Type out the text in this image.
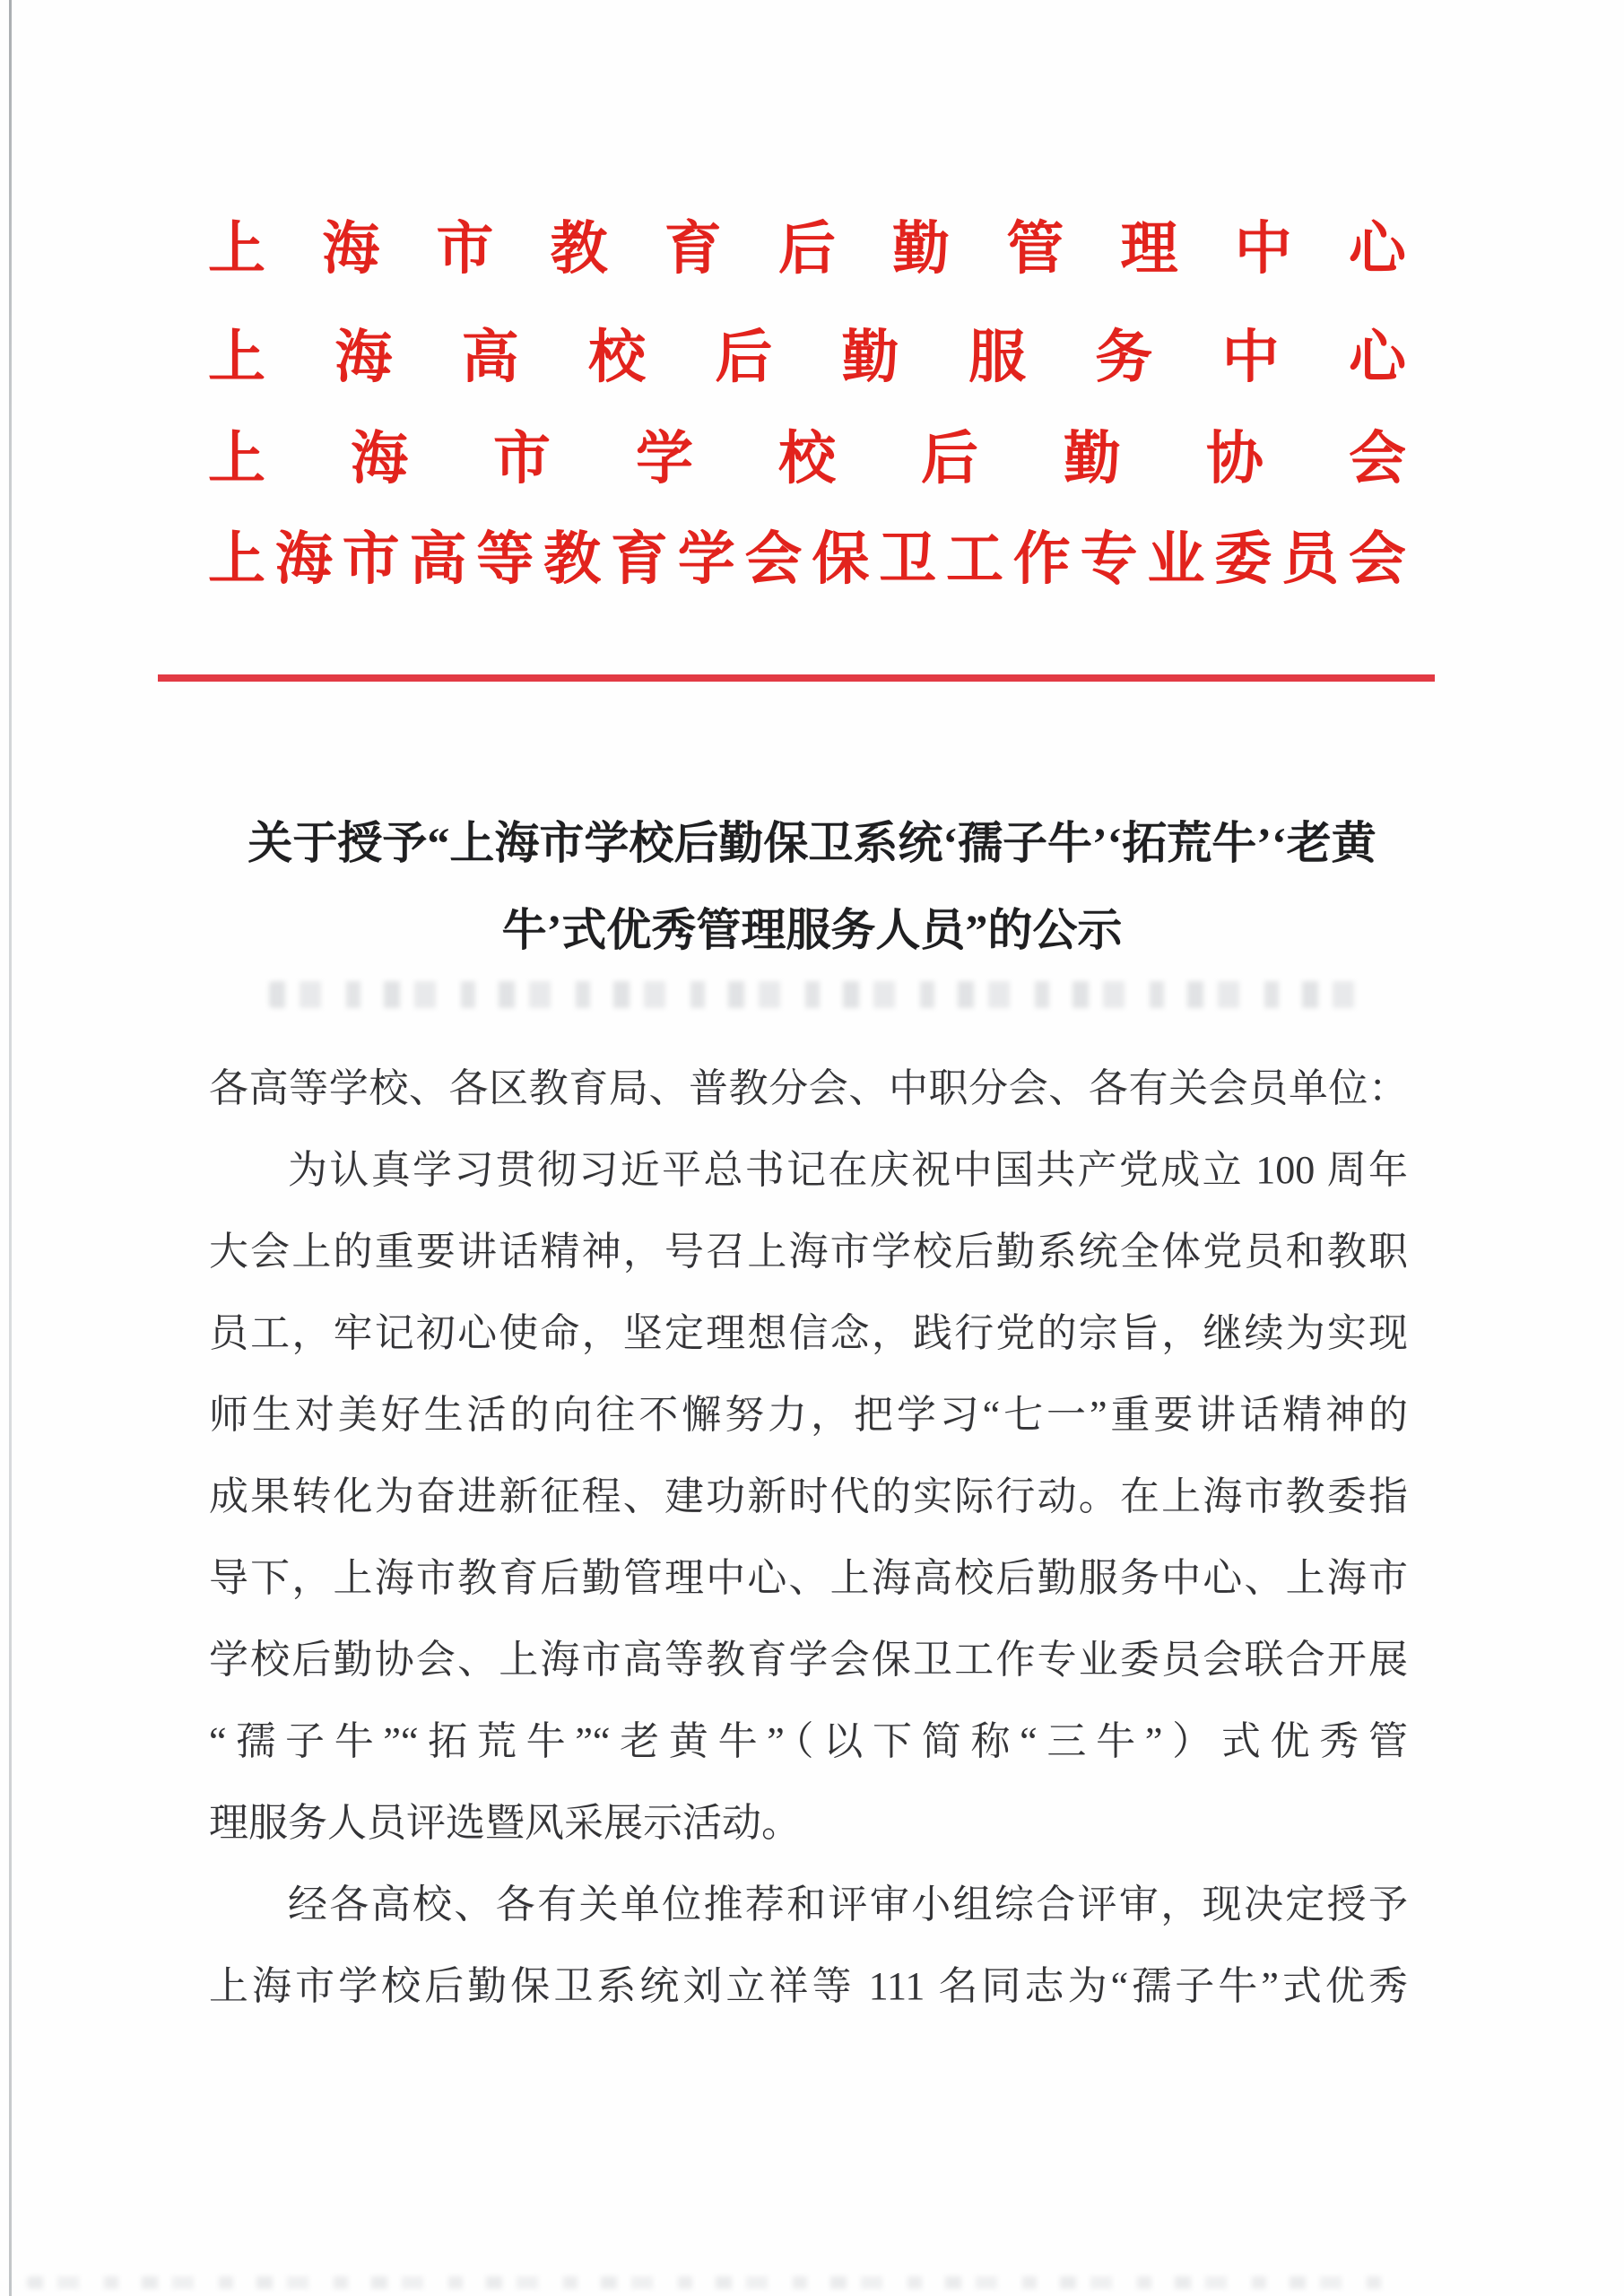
上 海 市 教 育 后 勤 管 理 中 心
上 海 高 校 后 勤 服 务 中 心
上 海 市 学 校 后 勤 协 会
上 海 市 高 等 教 育 学 会 保 卫 工 作 专 业 委 员 会
关于授予“上海市学校后勤保卫系统‘孺子牛’‘拓荒牛’‘老黄
牛’式优秀管理服务人员”的公示
各高等学校、各区教育局、普教分会、中职分会、各有关会员单位：
为认真学习贯彻习近平总书记在庆祝中国共产党成立 100 周年
大会上的重要讲话精神，号召上海市学校后勤系统全体党员和教职
员工，牢记初心使命，坚定理想信念，践行党的宗旨，继续为实现
师生对美好生活的向往不懈努力，把学习“七一”重要讲话精神的
成果转化为奋进新征程、建功新时代的实际行动。在上海市教委指
导下，上海市教育后勤管理中心、上海高校后勤服务中心、上海市
学校后勤协会、上海市高等教育学会保卫工作专业委员会联合开展
“孺子牛”“拓荒牛”“老黄牛”（以下简称“三牛”）式优秀管
理服务人员评选暨风采展示活动。
经各高校、各有关单位推荐和评审小组综合评审，现决定授予
上海市学校后勤保卫系统刘立祥等 111 名同志为“孺子牛”式优秀
